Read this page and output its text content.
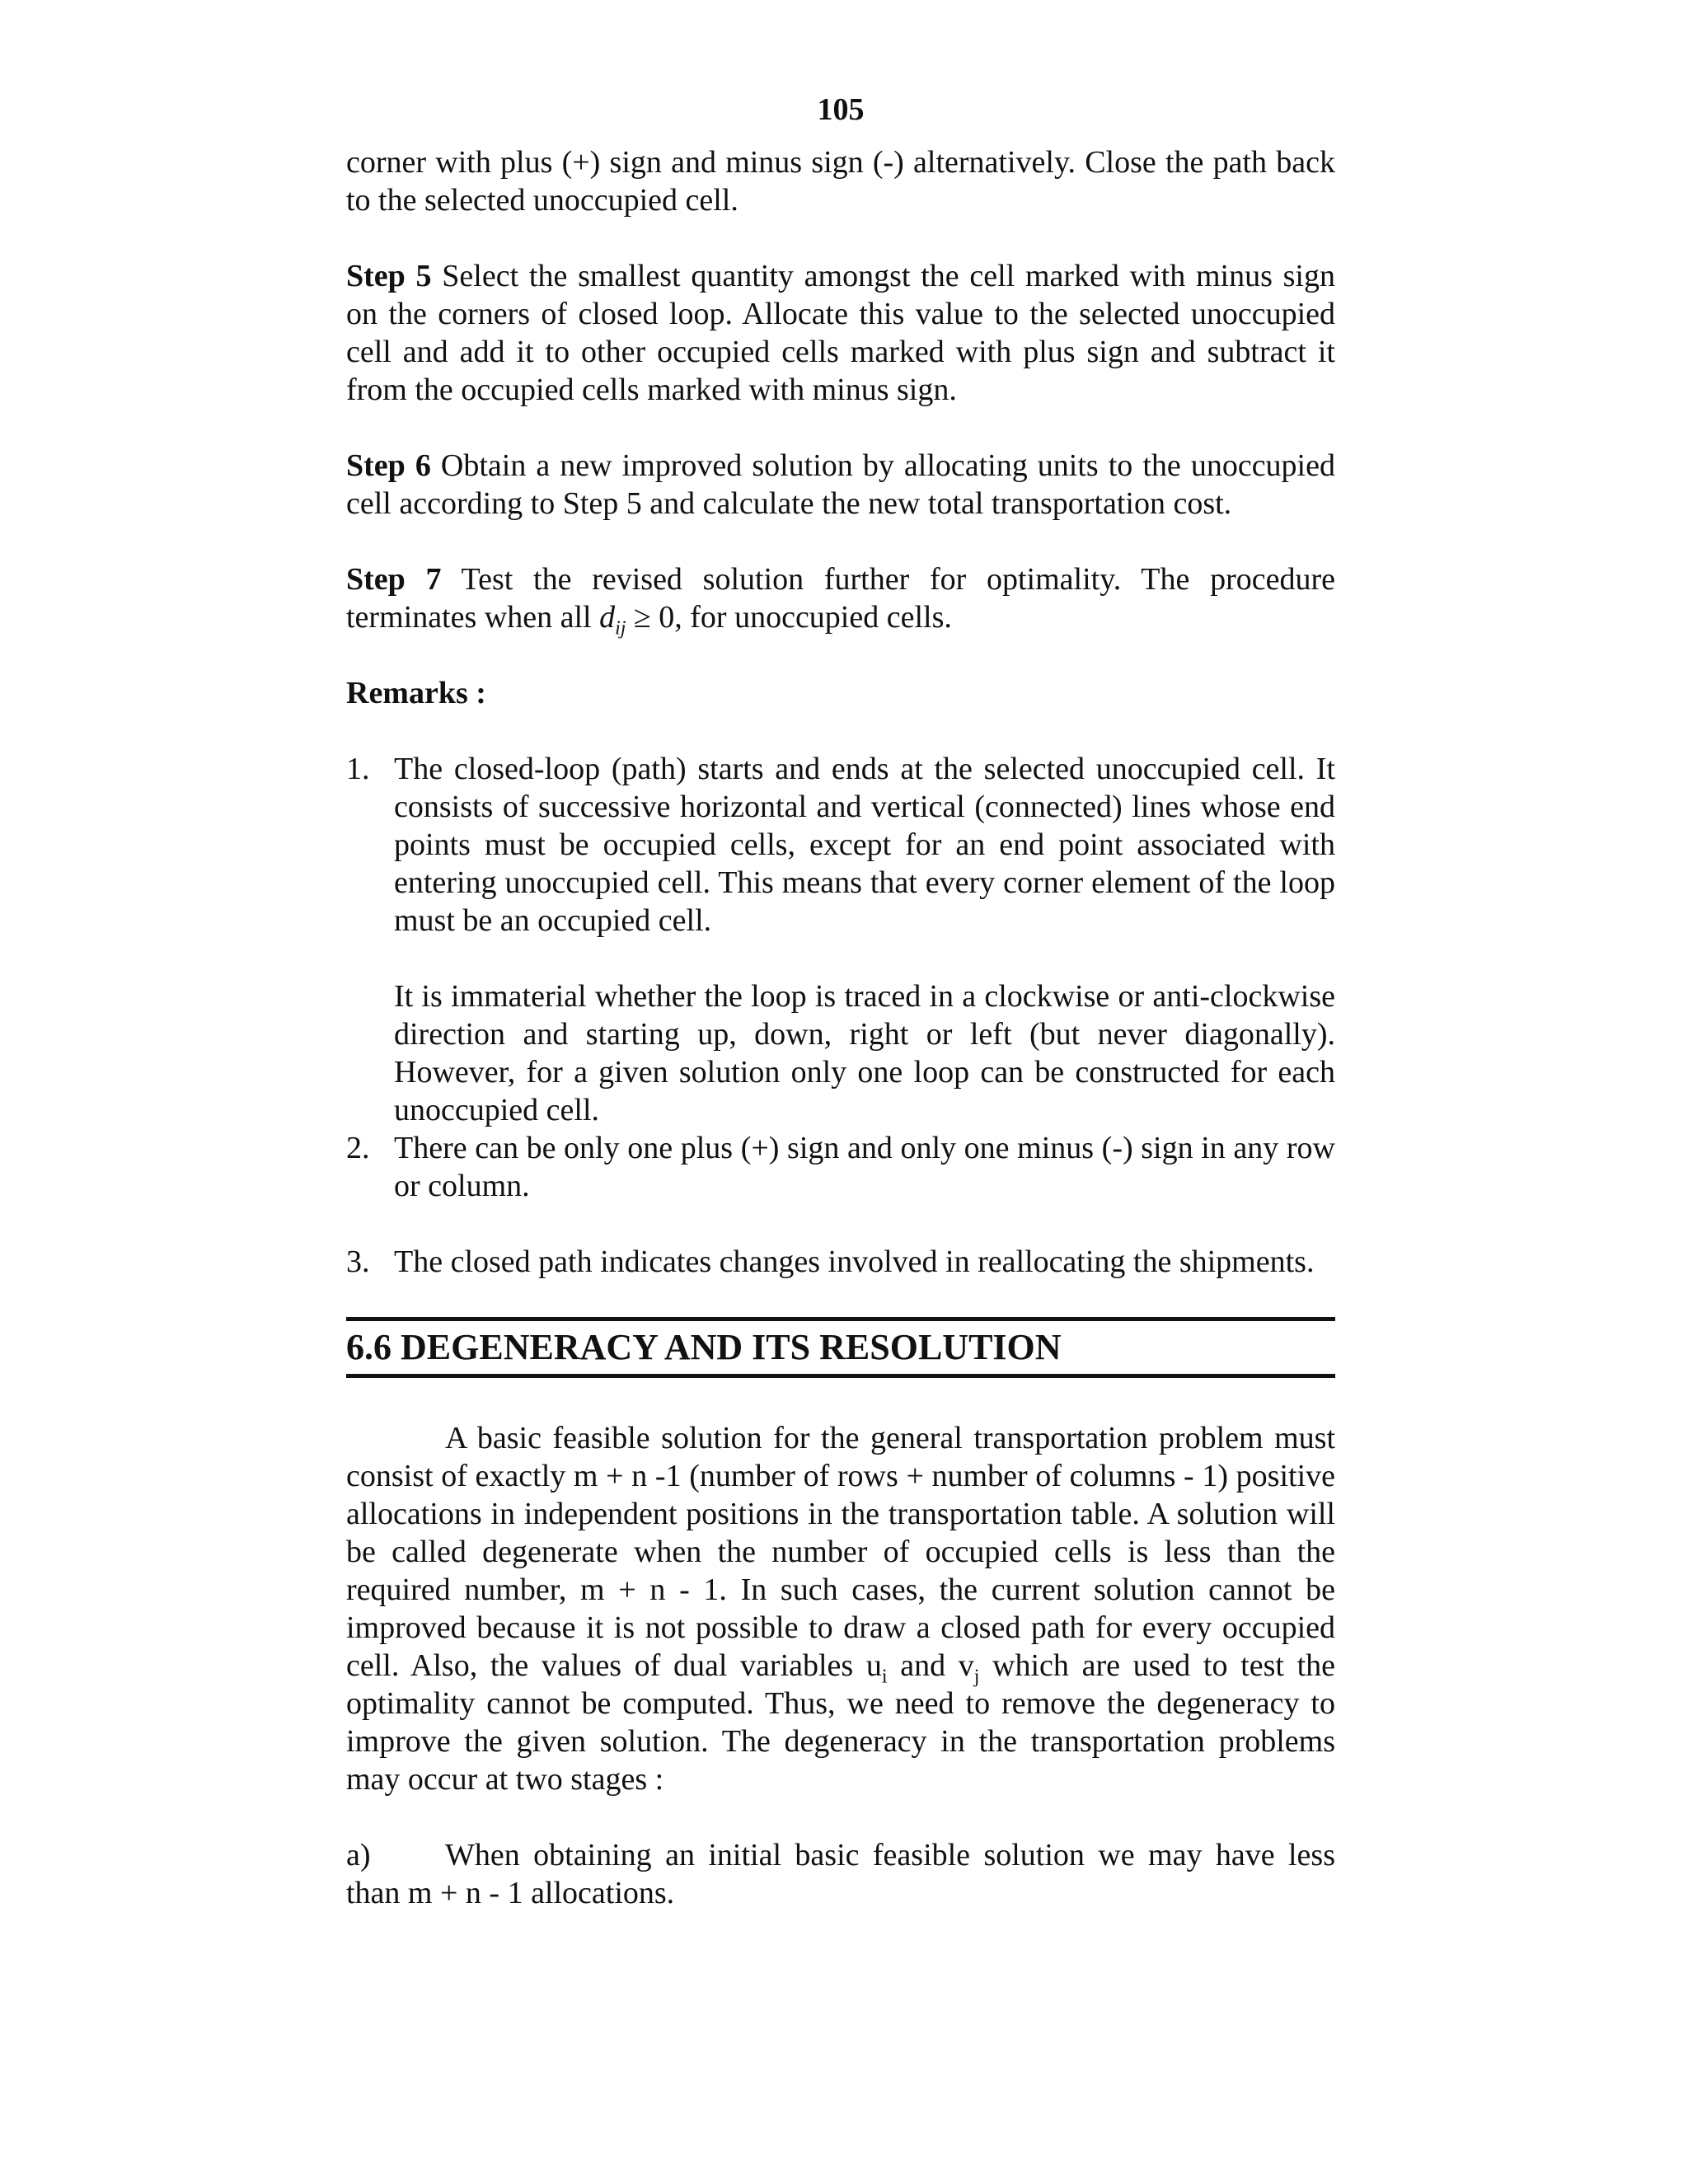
105

corner with plus (+) sign and minus sign (-) alternatively. Close the path back to the selected unoccupied cell.

Step 5 Select the smallest quantity amongst the cell marked with minus sign on the corners of closed loop. Allocate this value to the selected unoccupied cell and add it to other occupied cells marked with plus sign and subtract it from the occupied cells marked with minus sign.

Step 6 Obtain a new improved solution by allocating units to the unoccupied cell according to Step 5 and calculate the new total transportation cost.

Step 7 Test the revised solution further for optimality. The procedure terminates when all $d_{ij} \ge 0$, for unoccupied cells.

Remarks :
1. The closed-loop (path) starts and ends at the selected unoccupied cell. It consists of successive horizontal and vertical (connected) lines whose end points must be occupied cells, except for an end point associated with entering unoccupied cell. This means that every corner element of the loop must be an occupied cell.
It is immaterial whether the loop is traced in a clockwise or anti-clockwise direction and starting up, down, right or left (but never diagonally). However, for a given solution only one loop can be constructed for each unoccupied cell.
2. There can be only one plus (+) sign and only one minus (-) sign in any row or column.
3. The closed path indicates changes involved in reallocating the shipments.
6.6 DEGENERACY AND ITS RESOLUTION

A basic feasible solution for the general transportation problem must consist of exactly m + n -1 (number of rows + number of columns - 1) positive allocations in independent positions in the transportation table. A solution will be called degenerate when the number of occupied cells is less than the required number, m + n - 1. In such cases, the current solution cannot be improved because it is not possible to draw a closed path for every occupied cell. Also, the values of dual variables $u_i$ and $v_j$ which are used to test the optimality cannot be computed. Thus, we need to remove the degeneracy to improve the given solution. The degeneracy in the transportation problems may occur at two stages :

a) When obtaining an initial basic feasible solution we may have less than m + n - 1 allocations.
